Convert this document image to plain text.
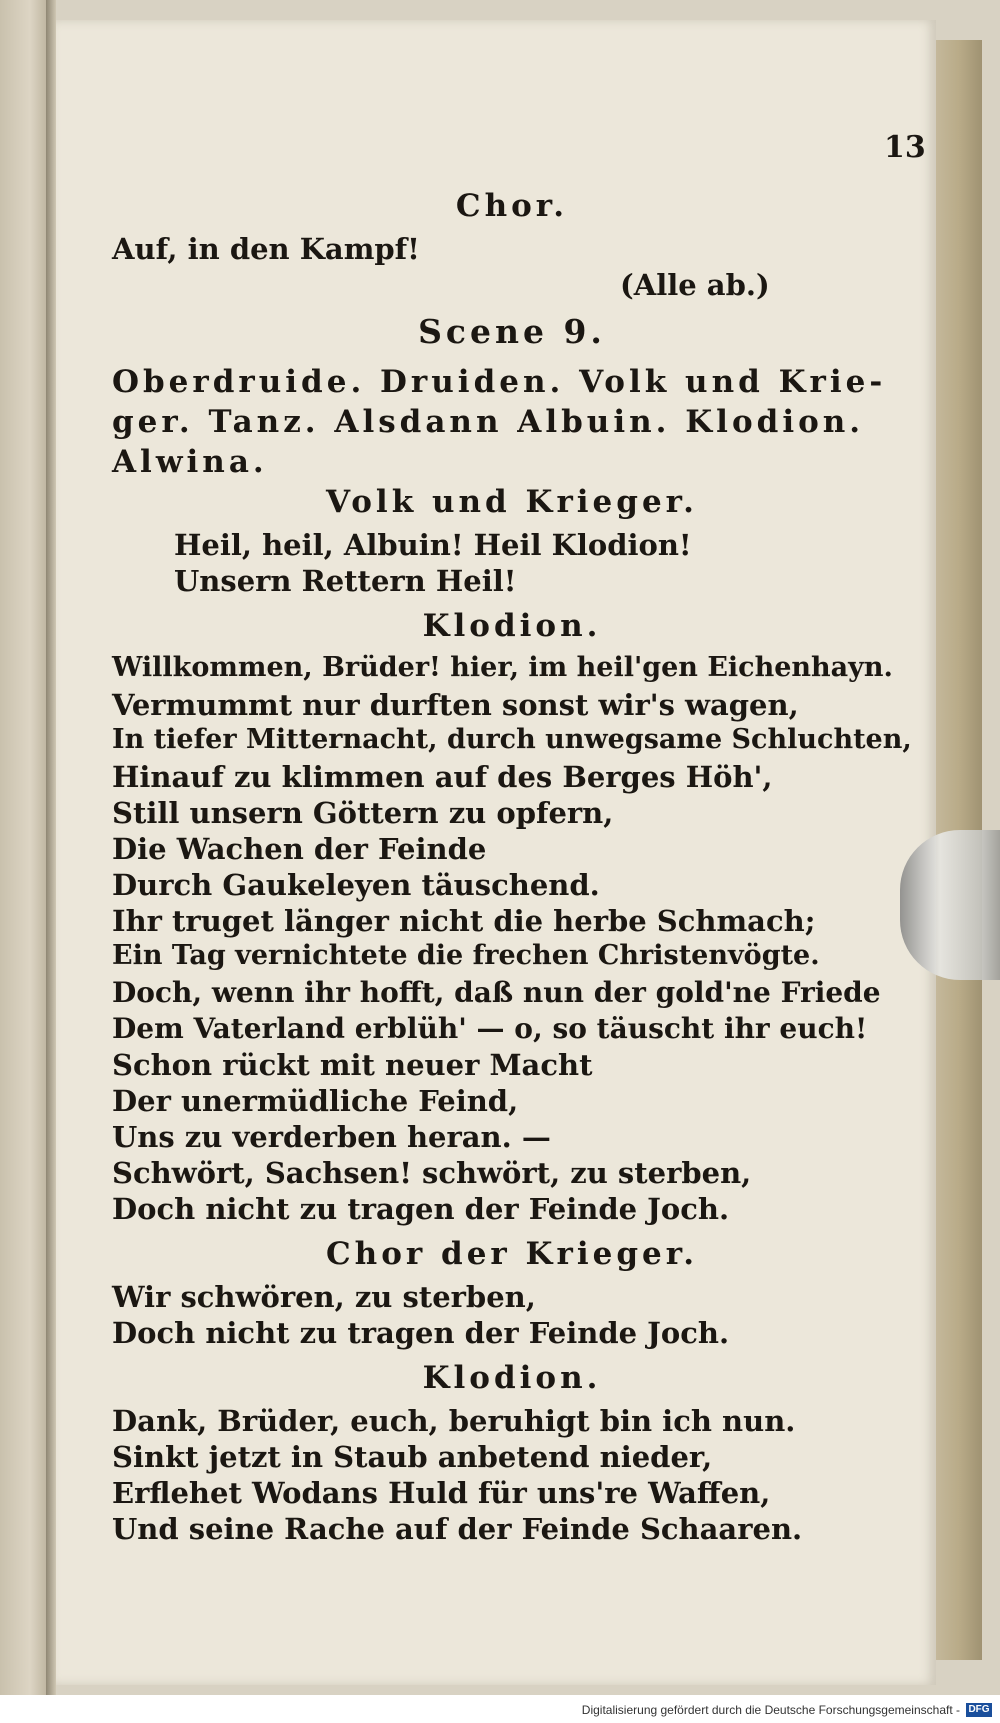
13
Chor.
Auf, in den Kampf!
(Alle ab.)
Scene 9.
Oberdruide. Druiden. Volk und Krie-
ger. Tanz. Alsdann Albuin. Klodion.
Alwina.
Volk und Krieger.
Heil, heil, Albuin! Heil Klodion!
Unsern Rettern Heil!
Klodion.
Willkommen, Brüder! hier, im heil'gen Eichenhayn.
Vermummt nur durften sonst wir's wagen,
In tiefer Mitternacht, durch unwegsame Schluchten,
Hinauf zu klimmen auf des Berges Höh',
Still unsern Göttern zu opfern,
Die Wachen der Feinde
Durch Gaukeleyen täuschend.
Ihr truget länger nicht die herbe Schmach;
Ein Tag vernichtete die frechen Christenvögte.
Doch, wenn ihr hofft, daß nun der gold'ne Friede
Dem Vaterland erblüh' — o, so täuscht ihr euch!
Schon rückt mit neuer Macht
Der unermüdliche Feind,
Uns zu verderben heran. —
Schwört, Sachsen! schwört, zu sterben,
Doch nicht zu tragen der Feinde Joch.
Chor der Krieger.
Wir schwören, zu sterben,
Doch nicht zu tragen der Feinde Joch.
Klodion.
Dank, Brüder, euch, beruhigt bin ich nun.
Sinkt jetzt in Staub anbetend nieder,
Erflehet Wodans Huld für uns're Waffen,
Und seine Rache auf der Feinde Schaaren.
Digitalisierung gefördert durch die Deutsche Forschungsgemeinschaft - DFG
